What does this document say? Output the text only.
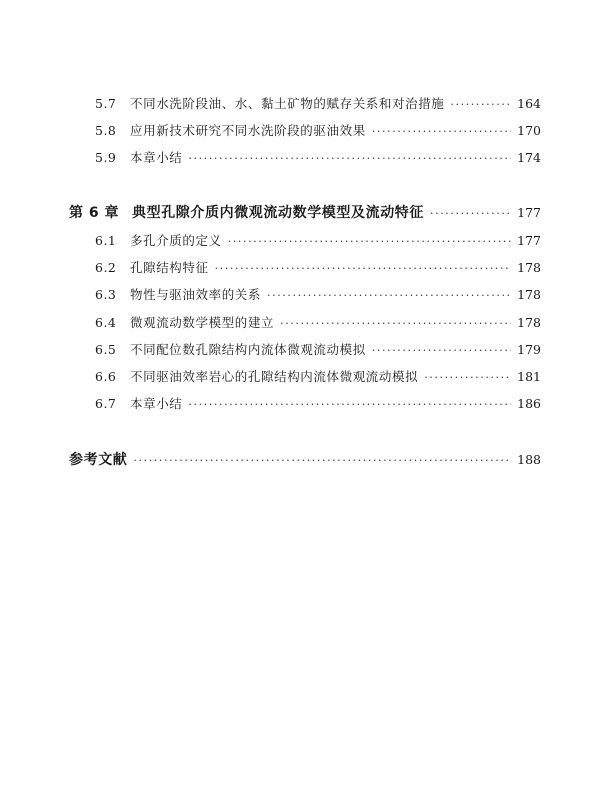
5.7	不同水洗阶段油、水、黏土矿物的赋存关系和对治措施 ·····	164
5.8	应用新技术研究不同水洗阶段的驱油效果 ·····	170
5.9	本章小结 ·····	174
第 6 章 典型孔隙介质内微观流动数学模型及流动特征 ·····	177
6.1	多孔介质的定义 ·····	177
6.2	孔隙结构特征 ·····	178
6.3	物性与驱油效率的关系 ·····	178
6.4	微观流动数学模型的建立 ·····	178
6.5	不同配位数孔隙结构内流体微观流动模拟 ·····	179
6.6	不同驱油效率岩心的孔隙结构内流体微观流动模拟 ·····	181
6.7	本章小结 ·····	186
参考文献 ·····	188
